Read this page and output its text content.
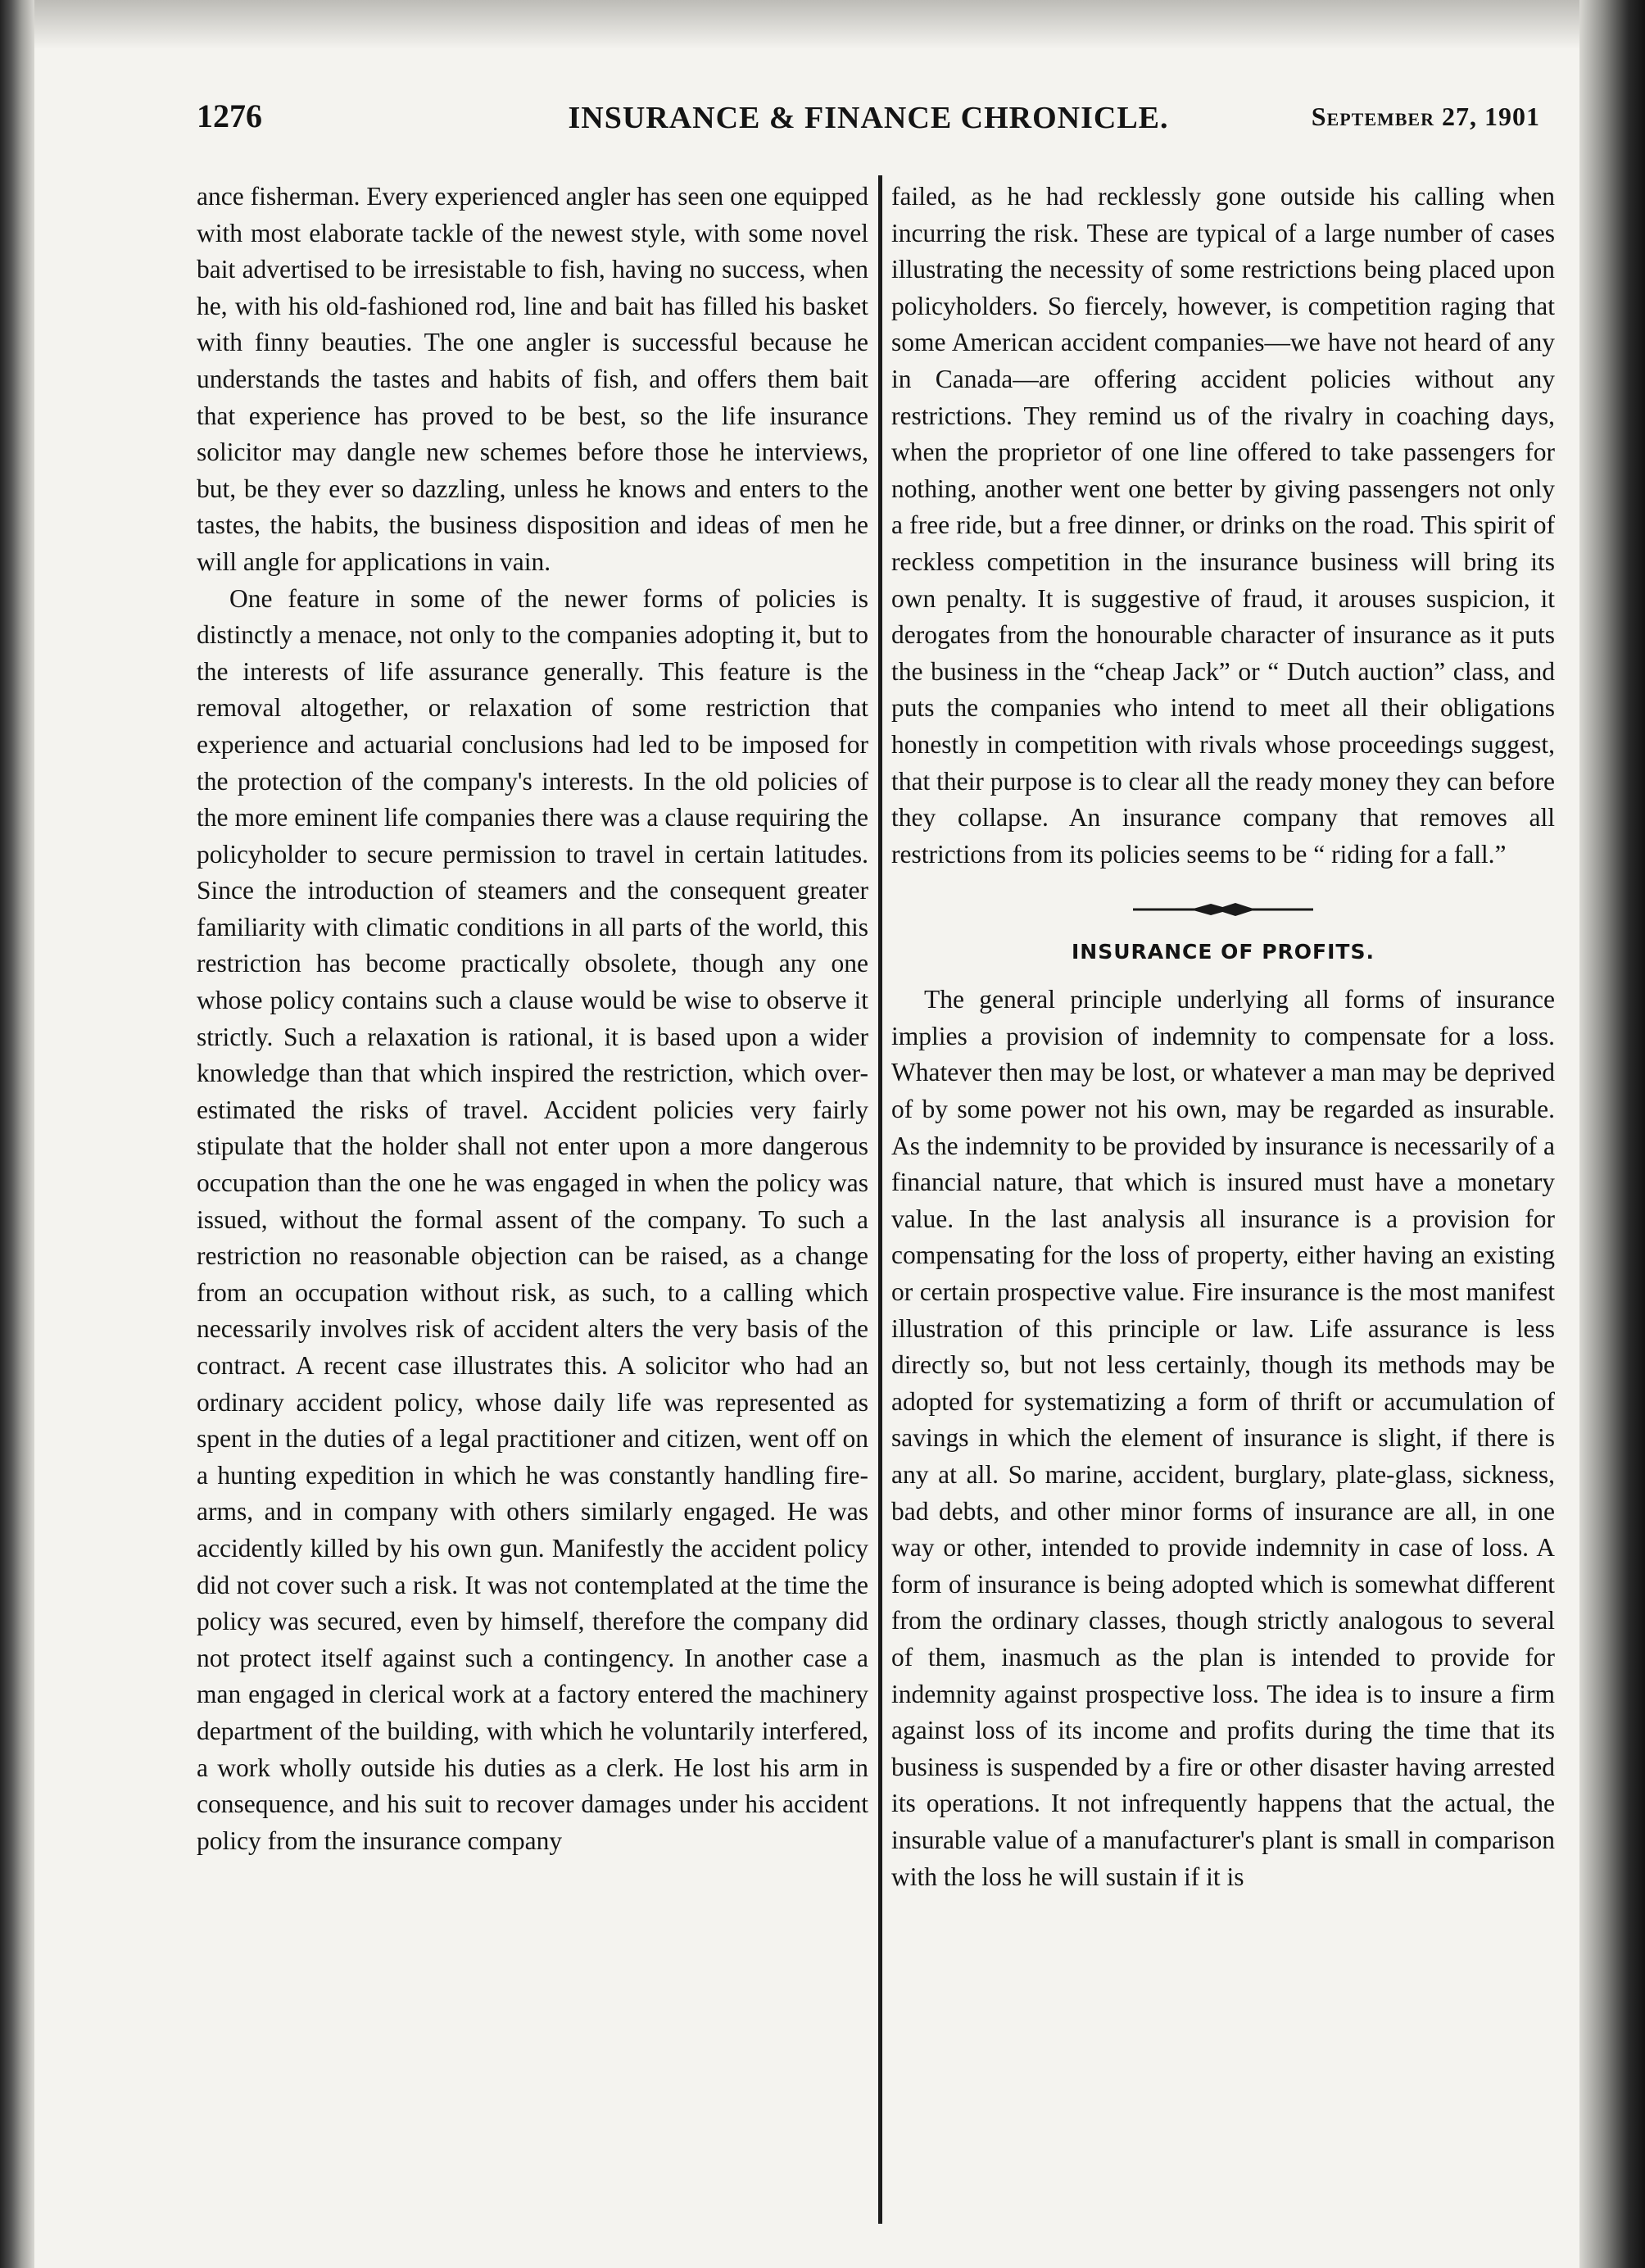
1276	INSURANCE & FINANCE CHRONICLE.	September 27, 1901

ance fisherman. Every experienced angler has seen one equipped with most elaborate tackle of the newest style, with some novel bait advertised to be irresistable to fish, having no success, when he, with his old-fashioned rod, line and bait has filled his basket with finny beauties. The one angler is successful because he understands the tastes and habits of fish, and offers them bait that experience has proved to be best, so the life insurance solicitor may dangle new schemes before those he interviews, but, be they ever so dazzling, unless he knows and enters to the tastes, the habits, the business disposition and ideas of men he will angle for applications in vain.

One feature in some of the newer forms of policies is distinctly a menace, not only to the companies adopting it, but to the interests of life assurance generally. This feature is the removal altogether, or relaxation of some restriction that experience and actuarial conclusions had led to be imposed for the protection of the company's interests. In the old policies of the more eminent life companies there was a clause requiring the policyholder to secure permission to travel in certain latitudes. Since the introduction of steamers and the consequent greater familiarity with climatic conditions in all parts of the world, this restriction has become practically obsolete, though any one whose policy contains such a clause would be wise to observe it strictly. Such a relaxation is rational, it is based upon a wider knowledge than that which inspired the restriction, which over-estimated the risks of travel. Accident policies very fairly stipulate that the holder shall not enter upon a more dangerous occupation than the one he was engaged in when the policy was issued, without the formal assent of the company. To such a restriction no reasonable objection can be raised, as a change from an occupation without risk, as such, to a calling which necessarily involves risk of accident alters the very basis of the contract. A recent case illustrates this. A solicitor who had an ordinary accident policy, whose daily life was represented as spent in the duties of a legal practitioner and citizen, went off on a hunting expedition in which he was constantly handling fire-arms, and in company with others similarly engaged. He was accidently killed by his own gun. Manifestly the accident policy did not cover such a risk. It was not contemplated at the time the policy was secured, even by himself, therefore the company did not protect itself against such a contingency. In another case a man engaged in clerical work at a factory entered the machinery department of the building, with which he voluntarily interfered, a work wholly outside his duties as a clerk. He lost his arm in consequence, and his suit to recover damages under his accident policy from the insurance company

failed, as he had recklessly gone outside his calling when incurring the risk. These are typical of a large number of cases illustrating the necessity of some restrictions being placed upon policyholders. So fiercely, however, is competition raging that some American accident companies—we have not heard of any in Canada—are offering accident policies without any restrictions. They remind us of the rivalry in coaching days, when the proprietor of one line offered to take passengers for nothing, another went one better by giving passengers not only a free ride, but a free dinner, or drinks on the road. This spirit of reckless competition in the insurance business will bring its own penalty. It is suggestive of fraud, it arouses suspicion, it derogates from the honourable character of insurance as it puts the business in the “cheap Jack” or “ Dutch auction” class, and puts the companies who intend to meet all their obligations honestly in competition with rivals whose proceedings suggest, that their purpose is to clear all the ready money they can before they collapse. An insurance company that removes all restrictions from its policies seems to be “ riding for a fall.”

INSURANCE OF PROFITS.

The general principle underlying all forms of insurance implies a provision of indemnity to compensate for a loss. Whatever then may be lost, or whatever a man may be deprived of by some power not his own, may be regarded as insurable. As the indemnity to be provided by insurance is necessarily of a financial nature, that which is insured must have a monetary value. In the last analysis all insurance is a provision for compensating for the loss of property, either having an existing or certain prospective value. Fire insurance is the most manifest illustration of this principle or law. Life assurance is less directly so, but not less certainly, though its methods may be adopted for systematizing a form of thrift or accumulation of savings in which the element of insurance is slight, if there is any at all. So marine, accident, burglary, plate-glass, sickness, bad debts, and other minor forms of insurance are all, in one way or other, intended to provide indemnity in case of loss. A form of insurance is being adopted which is somewhat different from the ordinary classes, though strictly analogous to several of them, inasmuch as the plan is intended to provide for indemnity against prospective loss. The idea is to insure a firm against loss of its income and profits during the time that its business is suspended by a fire or other disaster having arrested its operations. It not infrequently happens that the actual, the insurable value of a manufacturer's plant is small in comparison with the loss he will sustain if it is
